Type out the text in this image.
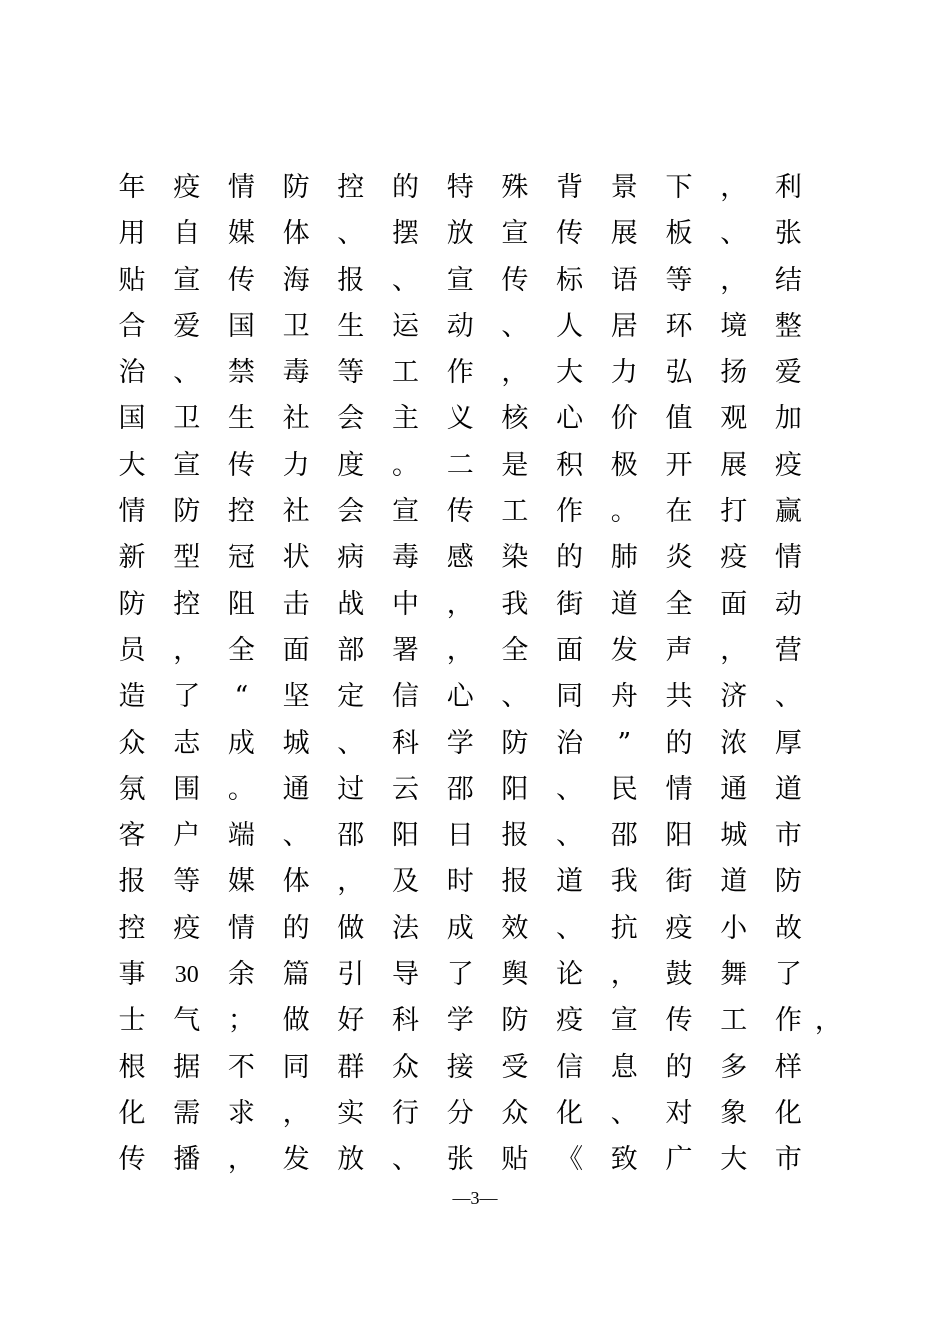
年 疫 情 防 控 的 特 殊 背 景 下 ， 利
用 自 媒 体 、 摆 放 宣 传 展 板 、 张
贴 宣 传 海 报 、 宣 传 标 语 等 ， 结
合 爱 国 卫 生 运 动 、 人 居 环 境 整
治 、 禁 毒 等 工 作 ， 大 力 弘 扬 爱
国 卫 生 社 会 主 义 核 心 价 值 观 加
大 宣 传 力 度 。 二 是 积 极 开 展 疫
情 防 控 社 会 宣 传 工 作 。 在 打 赢
新 型 冠 状 病 毒 感 染 的 肺 炎 疫 情
防 控 阻 击 战 中 ， 我 街 道 全 面 动
员 ， 全 面 部 署 ， 全 面 发 声 ， 营
造 了	“	坚 定 信 心 、 同 舟 共 济 、
众 志 成 城 、 科 学 防 治	”	的 浓 厚
氛 围 。 通 过 云 邵 阳 、 民 情 通 道
客 户 端 、 邵 阳 日 报 、 邵 阳 城 市
报 等 媒 体 ， 及 时 报 道 我 街 道 防
控 疫 情 的 做 法 成 效 、 抗 疫 小 故
事	30 余 篇 引 导 了 舆 论 ， 鼓 舞 了
士 气 ； 做 好 科 学 防 疫 宣 传 工 作 ，
根 据 不 同 群 众 接 受 信 息 的 多 样
化 需 求 ， 实 行 分 众 化 、 对 象 化
传 播 ， 发 放 、 张 贴 《 致 广 大 市
—3—
